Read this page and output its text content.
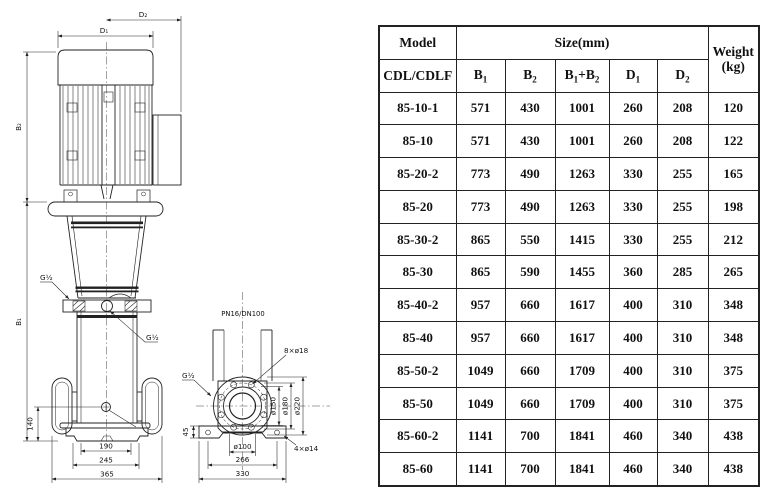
D₁
D₂
B₂
B₁
140
190
245
365
G½
G½
PN16/DN100
8×ø18
ø150 ø180 ø220
ø100
266
330
45
4×ø14
G½
Model	Size(mm)					Weight
(kg)

CDL/CDLF	$B_1$	$B_2$	$B_1+B_2$	$D_1$	$D_2$
85-10-1	571	430	1001	260	208	120
85-10	571	430	1001	260	208	122
85-20-2	773	490	1263	330	255	165
85-20	773	490	1263	330	255	198
85-30-2	865	550	1415	330	255	212
85-30	865	590	1455	360	285	265
85-40-2	957	660	1617	400	310	348
85-40	957	660	1617	400	310	348
85-50-2	1049	660	1709	400	310	375
85-50	1049	660	1709	400	310	375
85-60-2	1141	700	1841	460	340	438
85-60	1141	700	1841	460	340	438
